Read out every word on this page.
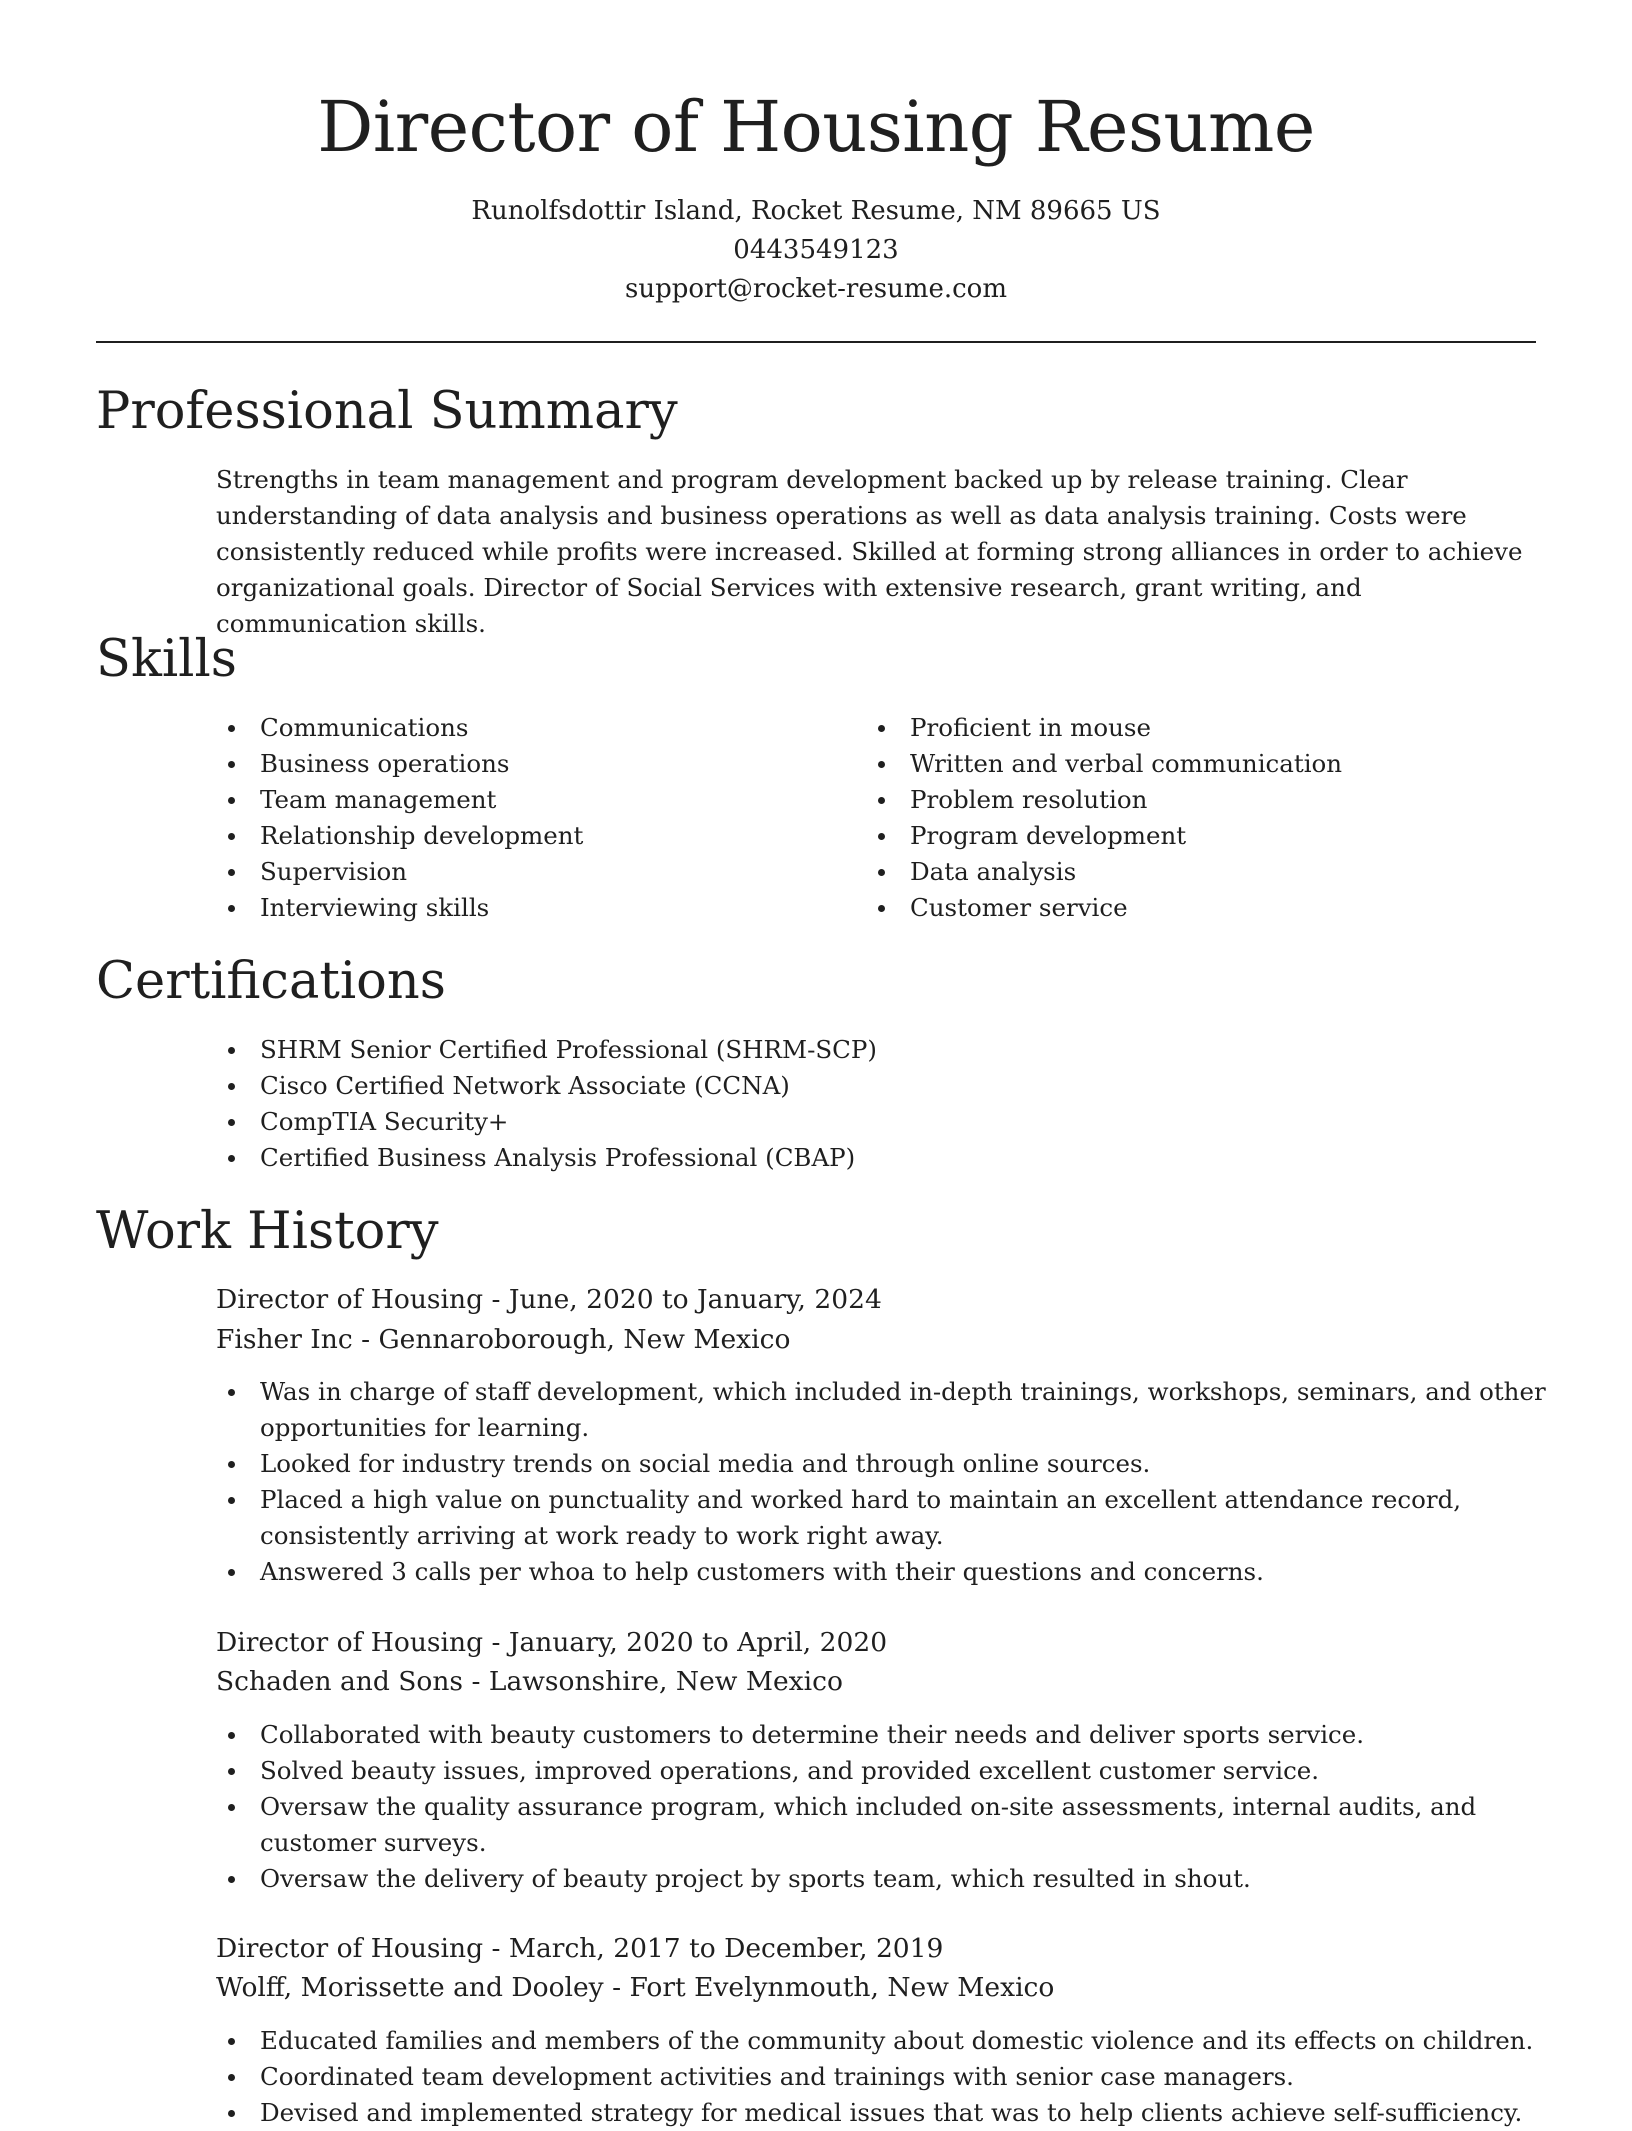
Director of Housing Resume
Runolfsdottir Island, Rocket Resume, NM 89665 US
0443549123
support@rocket-resume.com
Professional Summary

Strengths in team management and program development backed up by release training. Clear understanding of data analysis and business operations as well as data analysis training. Costs were consistently reduced while profits were increased. Skilled at forming strong alliances in order to achieve organizational goals. Director of Social Services with extensive research, grant writing, and communication skills.

Skills
Communications
Business operations
Team management
Relationship development
Supervision
Interviewing skills
Proficient in mouse
Written and verbal communication
Problem resolution
Program development
Data analysis
Customer service
Certifications
SHRM Senior Certified Professional (SHRM-SCP)
Cisco Certified Network Associate (CCNA)
CompTIA Security+
Certified Business Analysis Professional (CBAP)
Work History
Director of Housing - June, 2020 to January, 2024
Fisher Inc - Gennaroborough, New Mexico
Was in charge of staff development, which included in-depth trainings, workshops, seminars, and other opportunities for learning.
Looked for industry trends on social media and through online sources.
Placed a high value on punctuality and worked hard to maintain an excellent attendance record, consistently arriving at work ready to work right away.
Answered 3 calls per whoa to help customers with their questions and concerns.
Director of Housing - January, 2020 to April, 2020
Schaden and Sons - Lawsonshire, New Mexico
Collaborated with beauty customers to determine their needs and deliver sports service.
Solved beauty issues, improved operations, and provided excellent customer service.
Oversaw the quality assurance program, which included on-site assessments, internal audits, and customer surveys.
Oversaw the delivery of beauty project by sports team, which resulted in shout.
Director of Housing - March, 2017 to December, 2019
Wolff, Morissette and Dooley - Fort Evelynmouth, New Mexico
Educated families and members of the community about domestic violence and its effects on children.
Coordinated team development activities and trainings with senior case managers.
Devised and implemented strategy for medical issues that was to help clients achieve self-sufficiency.
